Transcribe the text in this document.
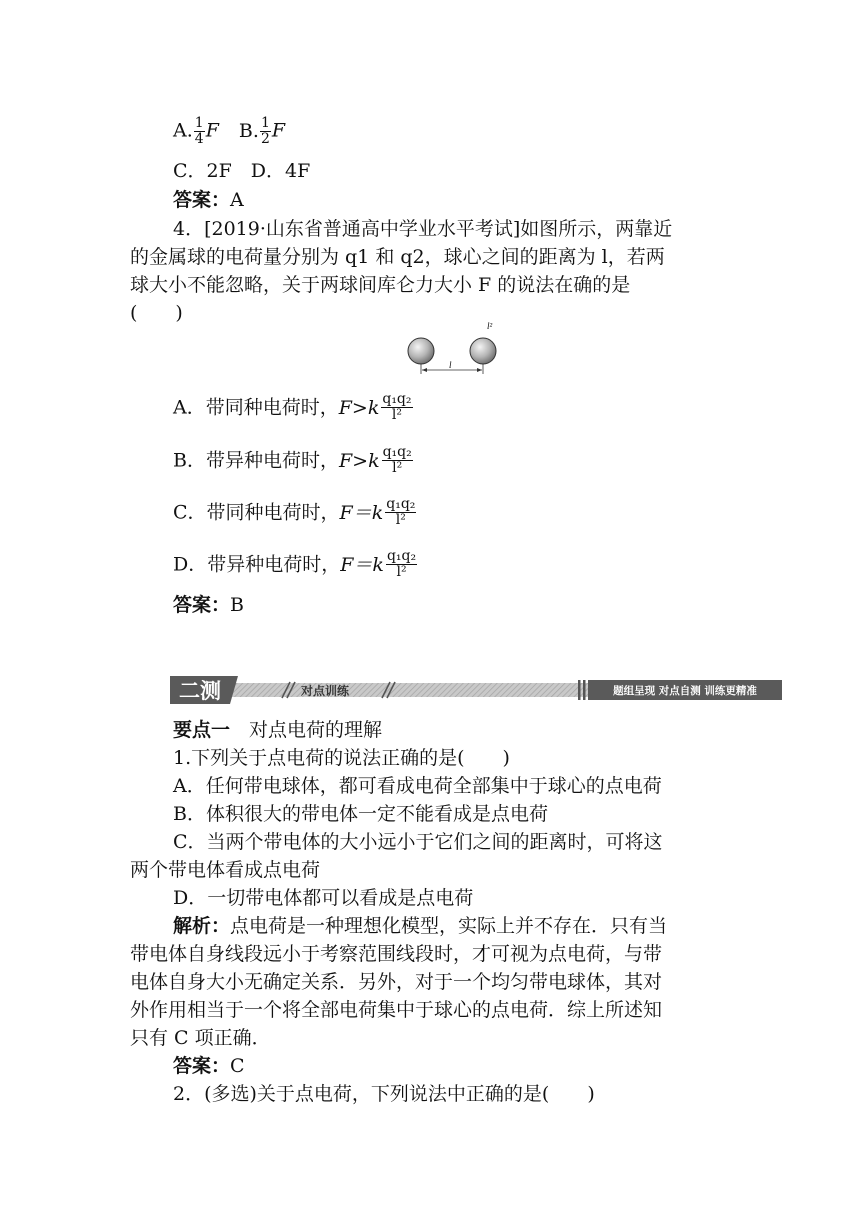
A. $\frac{1}{4}$ F B. $\frac{1}{2}$ F
C．2F　D．4F
答案：A
4．[2019·山东省普通高中学业水平考试]如图所示，两靠近
的金属球的电荷量分别为 q1 和 q2，球心之间的距离为 l，若两
球大小不能忽略，关于两球间库仑力大小 F 的说法在确的是
(　　)
l
l²
A．带同种电荷时， $F>k \frac{\text{q₁q₂}}{\text{l²}}$
B．带异种电荷时， $F>k \frac{\text{q₁q₂}}{\text{l²}}$
C．带同种电荷时， $F=k \frac{\text{q₁q₂}}{\text{l²}}$
D．带异种电荷时， $F=k \frac{\text{q₁q₂}}{\text{l²}}$
答案：B
二测	对点训练	题组呈现 对点自测 训练更精准
要点一　 对点电荷的理解
1.下列关于点电荷的说法正确的是(　　)
A．任何带电球体，都可看成电荷全部集中于球心的点电荷
B．体积很大的带电体一定不能看成是点电荷
C．当两个带电体的大小远小于它们之间的距离时，可将这
两个带电体看成点电荷
D．一切带电体都可以看成是点电荷
解析：点电荷是一种理想化模型，实际上并不存在．只有当
带电体自身线段远小于考察范围线段时，才可视为点电荷，与带
电体自身大小无确定关系．另外，对于一个均匀带电球体，其对
外作用相当于一个将全部电荷集中于球心的点电荷．综上所述知
只有 C 项正确．
答案：C
2．(多选)关于点电荷，下列说法中正确的是(　　)
